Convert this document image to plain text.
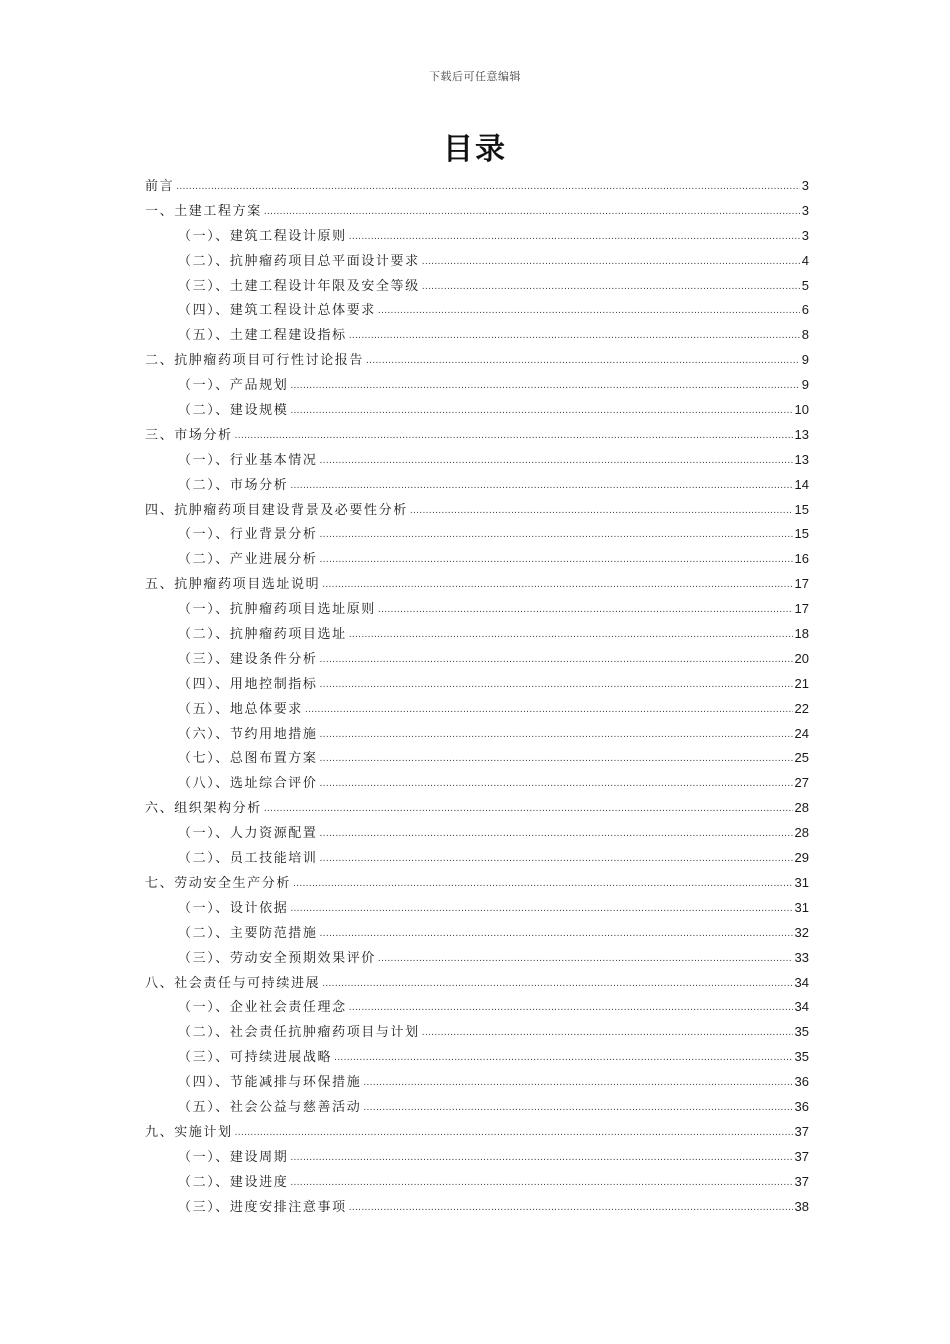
下载后可任意编辑
目录
前言 .....	3
一、土建工程方案 .....	3
（一）、建筑工程设计原则 .....	3
（二）、抗肿瘤药项目总平面设计要求 .....	4
（三）、土建工程设计年限及安全等级 .....	5
（四）、建筑工程设计总体要求 .....	6
（五）、土建工程建设指标 .....	8
二、抗肿瘤药项目可行性讨论报告 .....	9
（一）、产品规划 .....	9
（二）、建设规模 .....	10
三、市场分析 .....	13
（一）、行业基本情况 .....	13
（二）、市场分析 .....	14
四、抗肿瘤药项目建设背景及必要性分析 .....	15
（一）、行业背景分析 .....	15
（二）、产业进展分析 .....	16
五、抗肿瘤药项目选址说明 .....	17
（一）、抗肿瘤药项目选址原则 .....	17
（二）、抗肿瘤药项目选址 .....	18
（三）、建设条件分析 .....	20
（四）、用地控制指标 .....	21
（五）、地总体要求 .....	22
（六）、节约用地措施 .....	24
（七）、总图布置方案 .....	25
（八）、选址综合评价 .....	27
六、组织架构分析 .....	28
（一）、人力资源配置 .....	28
（二）、员工技能培训 .....	29
七、劳动安全生产分析 .....	31
（一）、设计依据 .....	31
（二）、主要防范措施 .....	32
（三）、劳动安全预期效果评价 .....	33
八、社会责任与可持续进展 .....	34
（一）、企业社会责任理念 .....	34
（二）、社会责任抗肿瘤药项目与计划 .....	35
（三）、可持续进展战略 .....	35
（四）、节能减排与环保措施 .....	36
（五）、社会公益与慈善活动 .....	36
九、实施计划 .....	37
（一）、建设周期 .....	37
（二）、建设进度 .....	37
（三）、进度安排注意事项 .....	38
